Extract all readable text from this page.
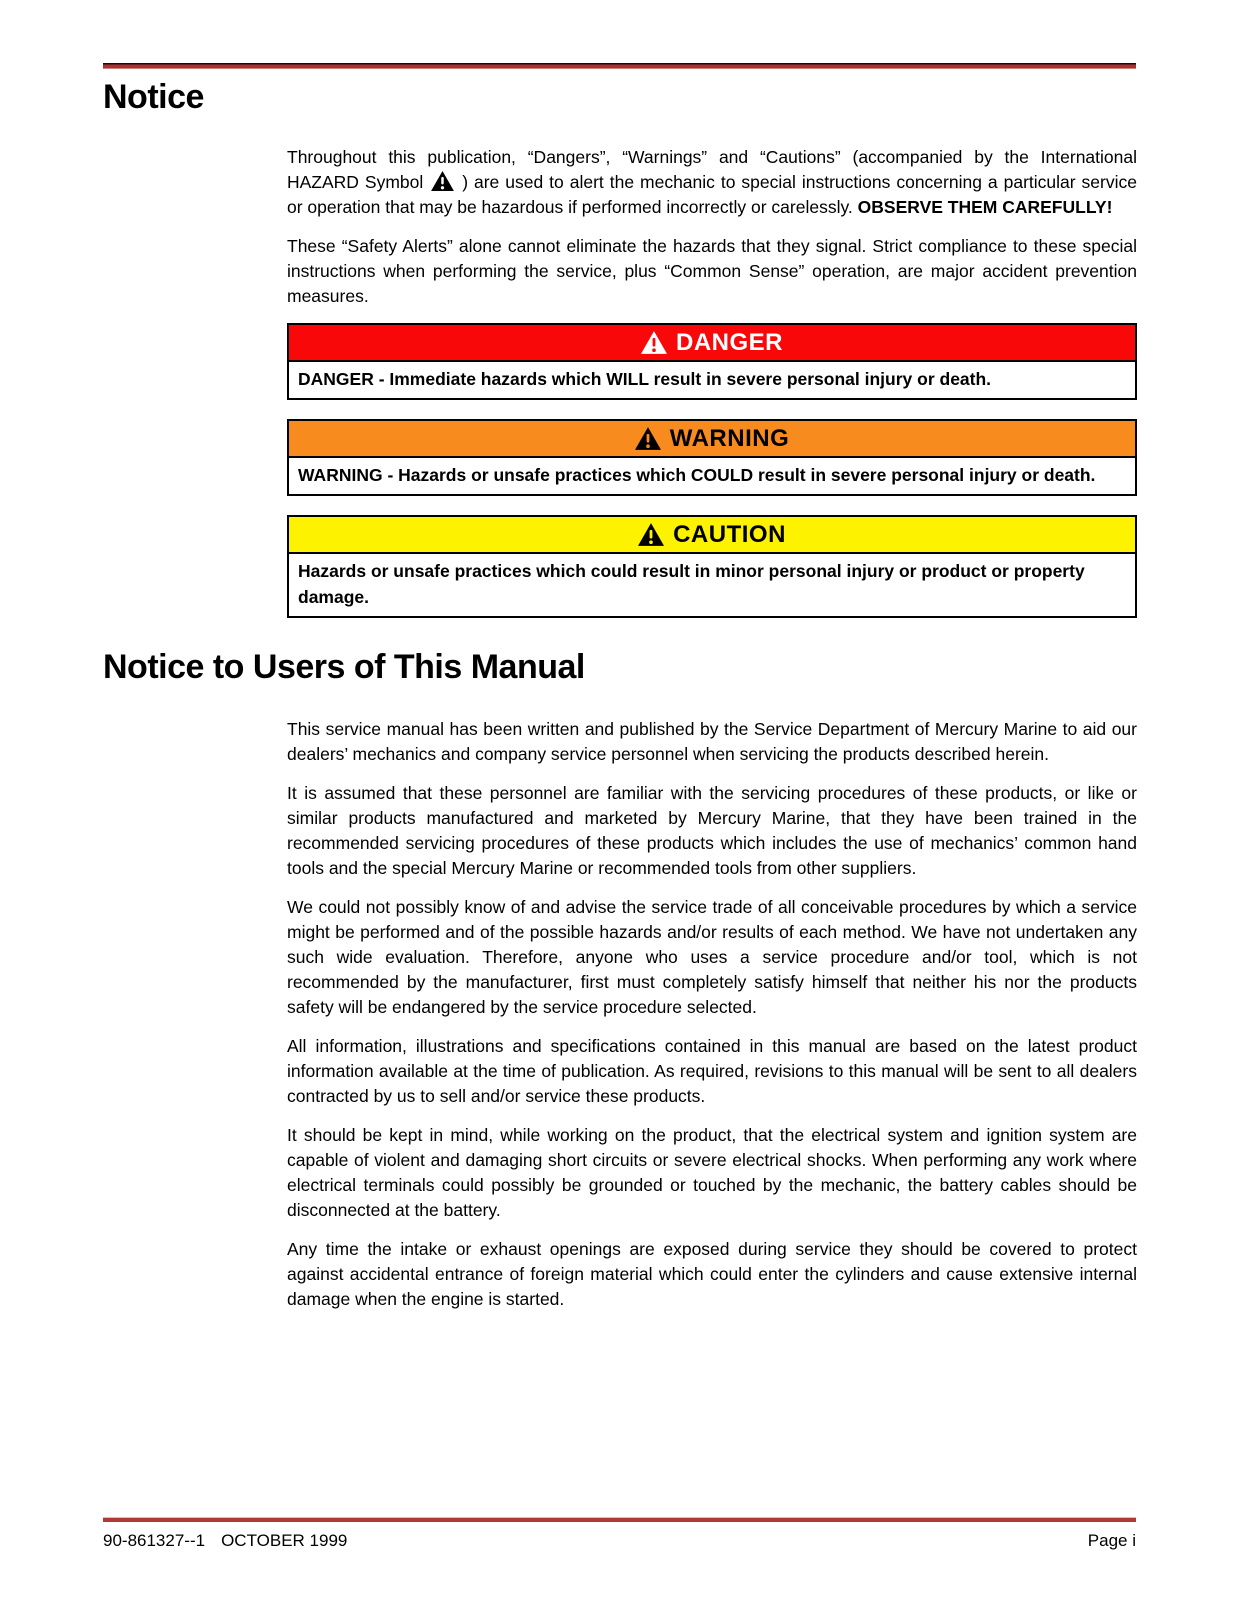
Notice

Throughout this publication, “Dangers”, “Warnings” and “Cautions” (accompanied by the International HAZARD Symbol ) are used to alert the mechanic to special instructions concerning a particular service or operation that may be hazardous if performed incorrectly or carelessly. OBSERVE THEM CAREFULLY!

These “Safety Alerts” alone cannot eliminate the hazards that they signal. Strict compliance to these special instructions when performing the service, plus “Common Sense” operation, are major accident prevention measures.

DANGER
DANGER - Immediate hazards which WILL result in severe personal injury or death.
WARNING
WARNING - Hazards or unsafe practices which COULD result in severe personal injury or death.
CAUTION
Hazards or unsafe practices which could result in minor personal injury or product or property damage.
Notice to Users of This Manual

This service manual has been written and published by the Service Department of Mercury Marine to aid our dealers’ mechanics and company service personnel when servicing the products described herein.

It is assumed that these personnel are familiar with the servicing procedures of these products, or like or similar products manufactured and marketed by Mercury Marine, that they have been trained in the recommended servicing procedures of these products which includes the use of mechanics’ common hand tools and the special Mercury Marine or recommended tools from other suppliers.

We could not possibly know of and advise the service trade of all conceivable procedures by which a service might be performed and of the possible hazards and/or results of each method. We have not undertaken any such wide evaluation. Therefore, anyone who uses a service procedure and/or tool, which is not recommended by the manufacturer, first must completely satisfy himself that neither his nor the products safety will be endangered by the service procedure selected.

All information, illustrations and specifications contained in this manual are based on the latest product information available at the time of publication. As required, revisions to this manual will be sent to all dealers contracted by us to sell and/or service these products.

It should be kept in mind, while working on the product, that the electrical system and ignition system are capable of violent and damaging short circuits or severe electrical shocks. When performing any work where electrical terminals could possibly be grounded or touched by the mechanic, the battery cables should be disconnected at the battery.

Any time the intake or exhaust openings are exposed during service they should be covered to protect against accidental entrance of foreign material which could enter the cylinders and cause extensive internal damage when the engine is started.

90-861327--1 OCTOBER 1999	Page i
